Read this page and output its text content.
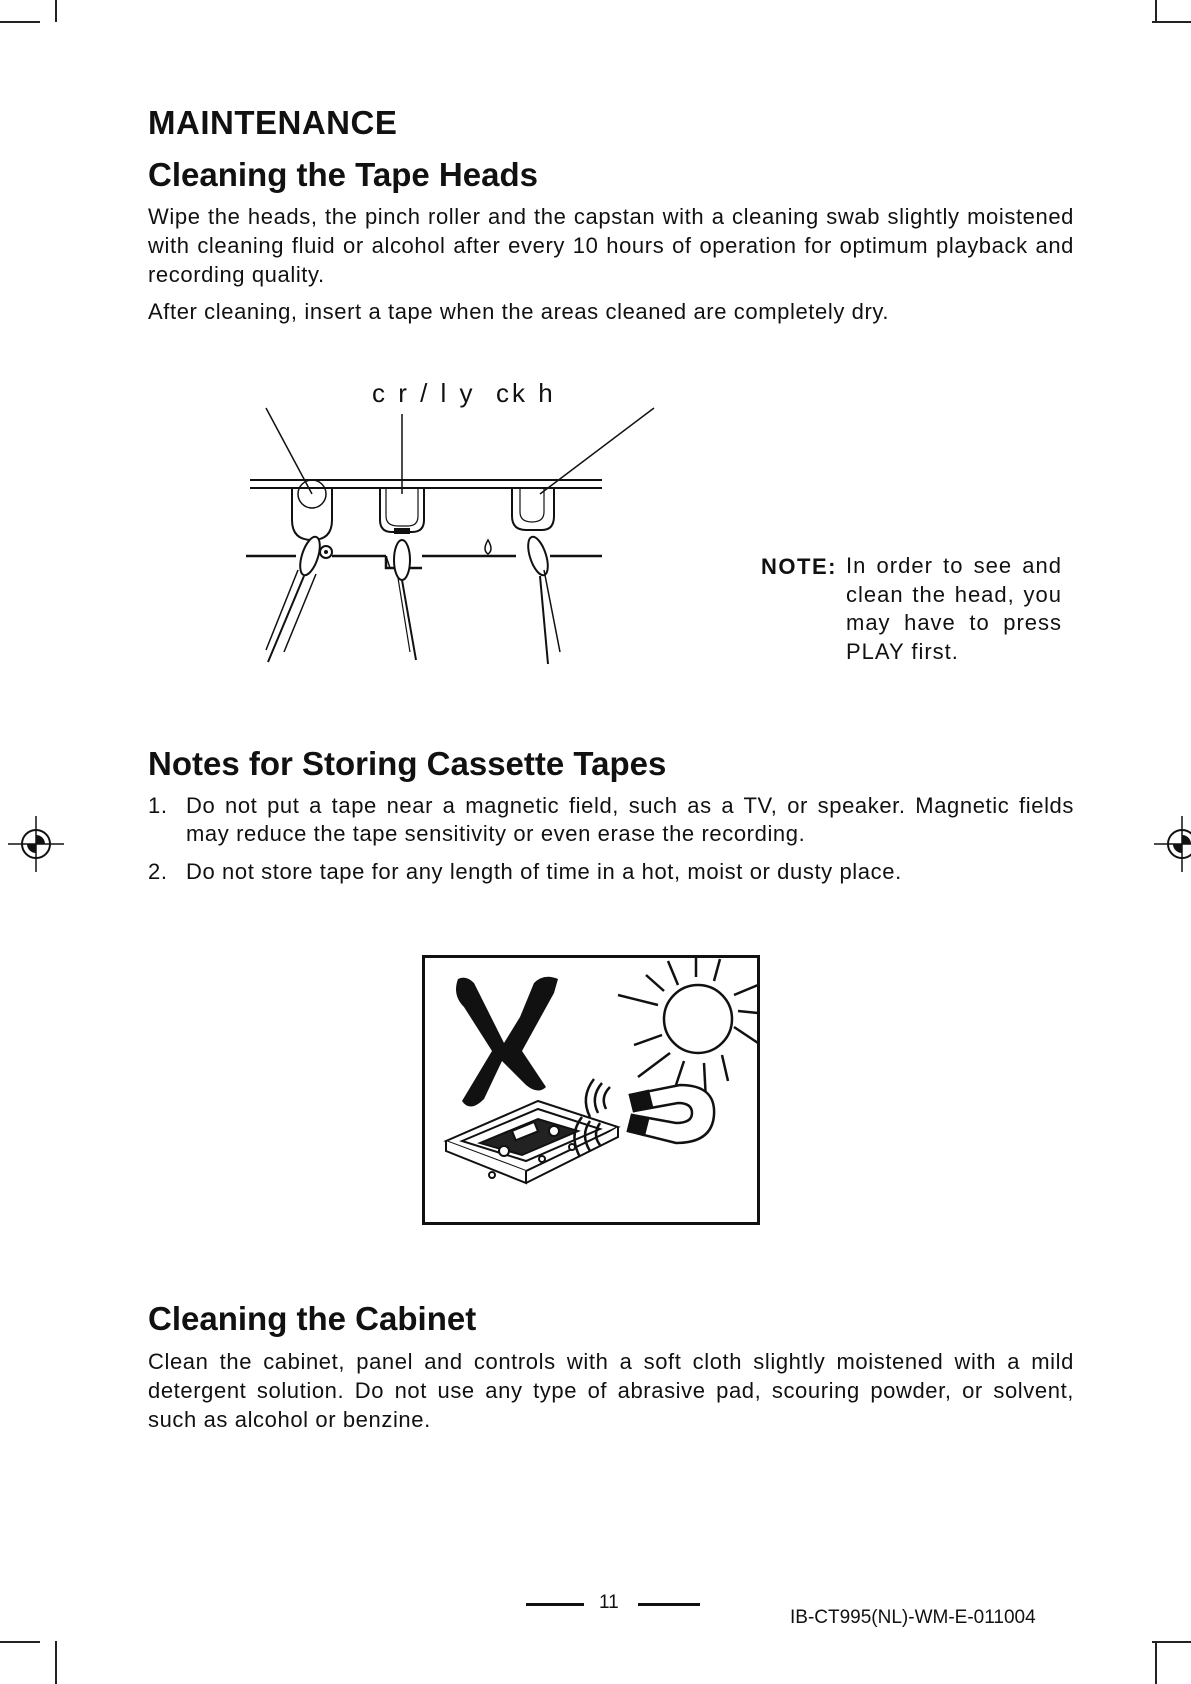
MAINTENANCE
Cleaning the Tape Heads
Wipe the heads, the pinch roller and the capstan with a cleaning swab slightly moistened with cleaning fluid or alcohol after every 10 hours of operation for optimum playback and recording quality.
After cleaning, insert a tape when the areas cleaned are completely dry.
c r / l y  ck h
NOTE: In order to see and clean the head, you may have to press PLAY first.
Notes for Storing Cassette Tapes
1. Do not put a tape near a magnetic field, such as a TV, or speaker. Magnetic fields may reduce the tape sensitivity or even erase the recording.
2. Do not store tape for any length of time in a hot, moist or dusty place.
Cleaning the Cabinet
Clean the cabinet, panel and controls with a soft cloth slightly moistened with a mild detergent solution. Do not use any type of abrasive pad, scouring powder, or solvent, such as alcohol or benzine.
11
IB-CT995(NL)-WM-E-011004
